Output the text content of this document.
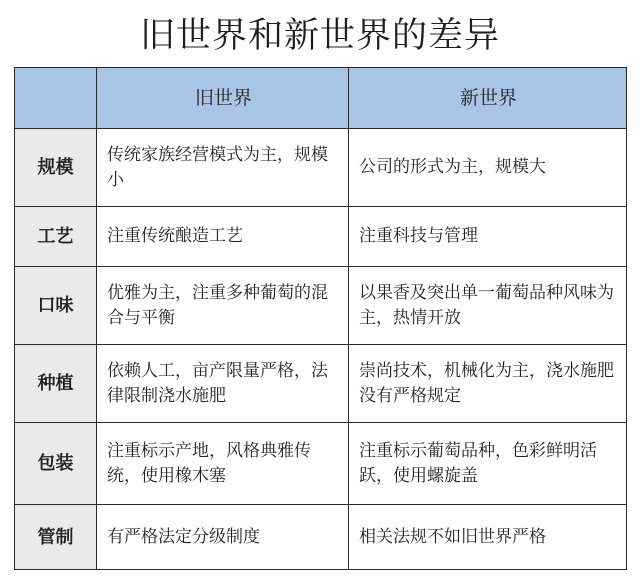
旧世界和新世界的差异
	旧世界	新世界
规模	传统家族经营模式为主，规模小	公司的形式为主，规模大
工艺	注重传统酿造工艺	注重科技与管理
口味	优雅为主，注重多种葡萄的混合与平衡	以果香及突出单一葡萄品种风味为主，热情开放
种植	依赖人工，亩产限量严格，法律限制浇水施肥	崇尚技术，机械化为主，浇水施肥没有严格规定
包装	注重标示产地，风格典雅传统，使用橡木塞	注重标示葡萄品种，色彩鲜明活跃，使用螺旋盖
管制	有严格法定分级制度	相关法规不如旧世界严格
